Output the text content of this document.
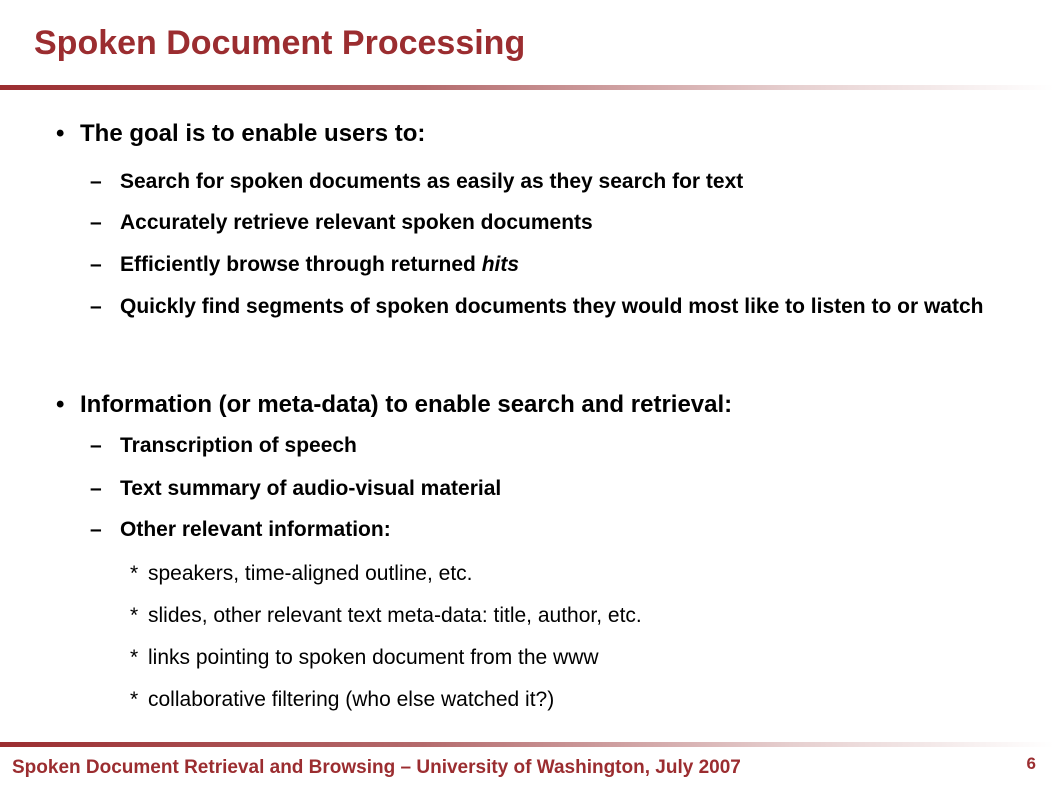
Spoken Document Processing
• The goal is to enable users to:
– Search for spoken documents as easily as they search for text
– Accurately retrieve relevant spoken documents
– Efficiently browse through returned hits
– Quickly find segments of spoken documents they would most like to listen to or watch
• Information (or meta-data) to enable search and retrieval:
– Transcription of speech
– Text summary of audio-visual material
– Other relevant information:
* speakers, time-aligned outline, etc.
* slides, other relevant text meta-data: title, author, etc.
* links pointing to spoken document from the www
* collaborative filtering (who else watched it?)
Spoken Document Retrieval and Browsing – University of Washington, July 2007	6
